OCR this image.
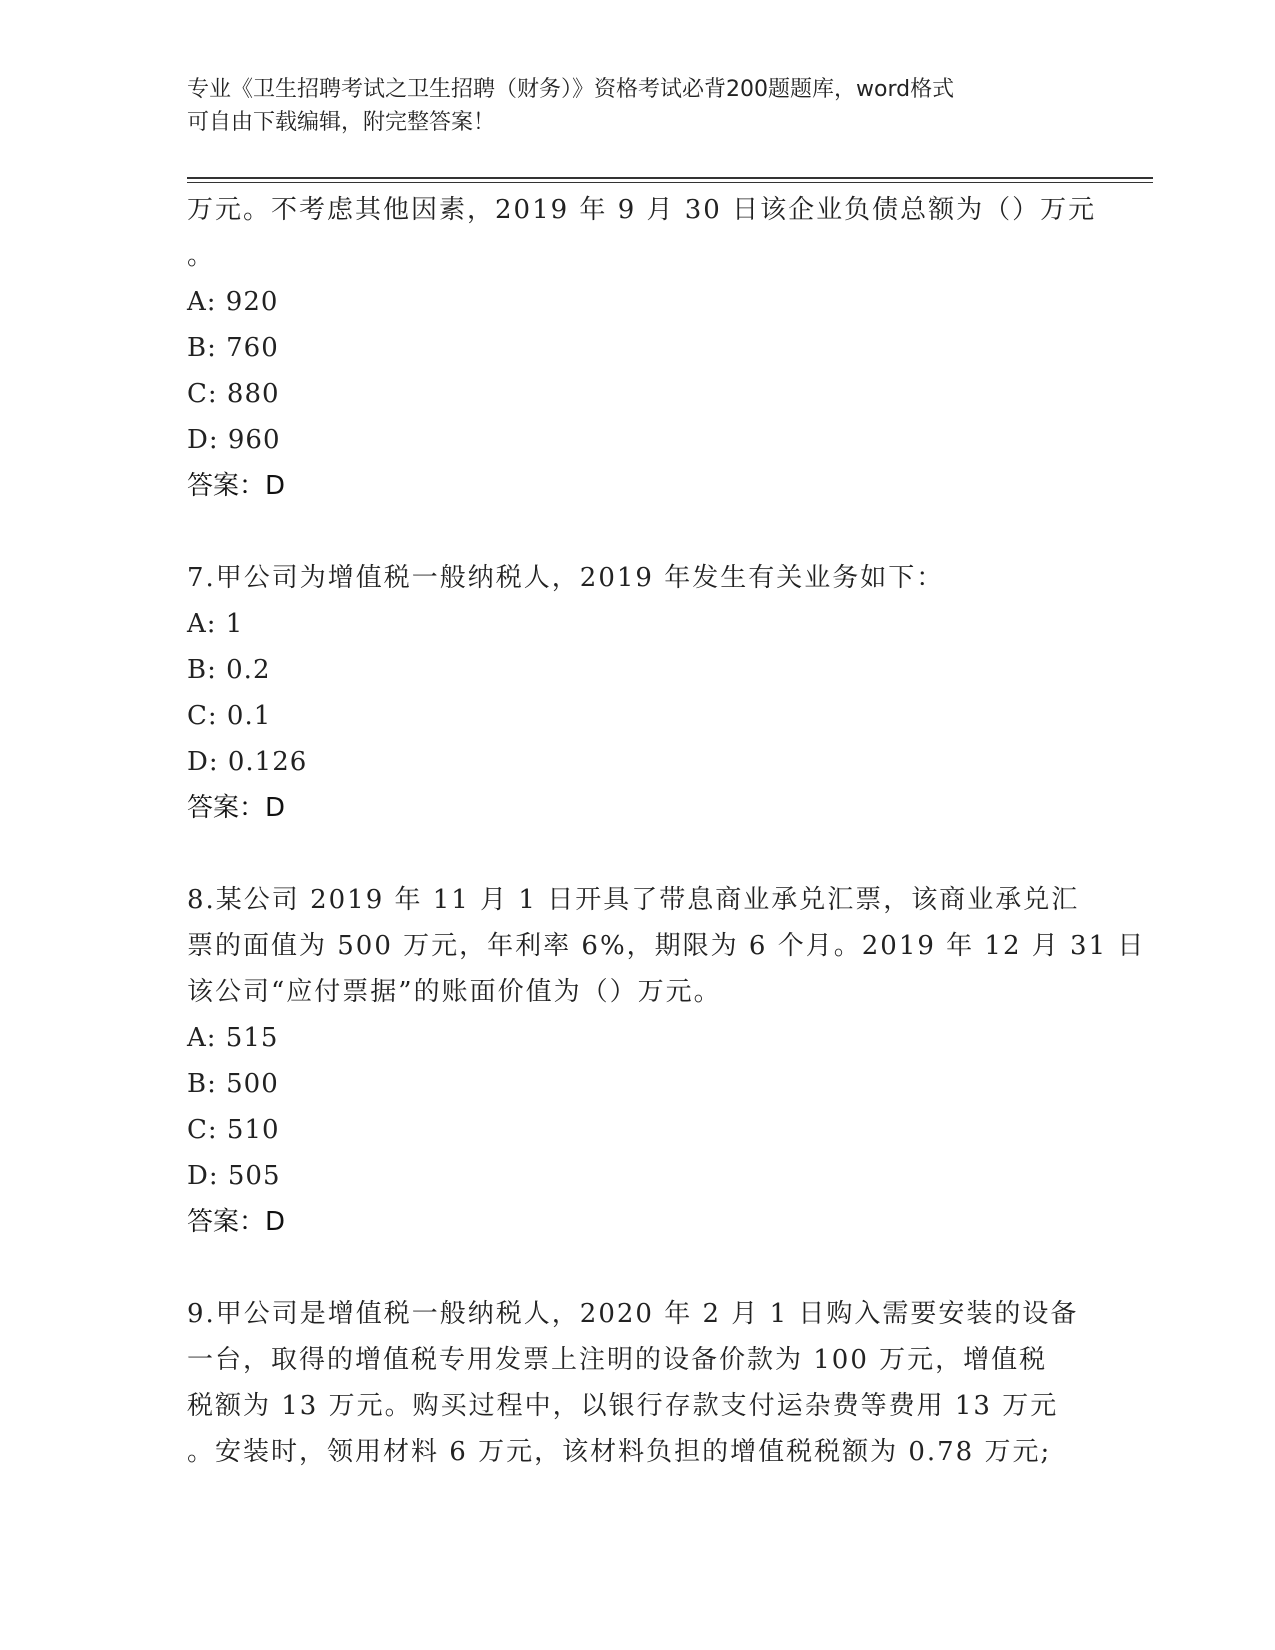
专业《卫生招聘考试之卫生招聘（财务）》资格考试必背200题题库，word格式
可自由下载编辑，附完整答案！
万元。不考虑其他因素，2019 年 9 月 30 日该企业负债总额为（）万元
。
A: 920
B: 760
C: 880
D: 960
答案：D
7.甲公司为增值税一般纳税人，2019 年发生有关业务如下：
A: 1
B: 0.2
C: 0.1
D: 0.126
答案：D
8.某公司 2019 年 11 月 1 日开具了带息商业承兑汇票，该商业承兑汇
票的面值为 500 万元，年利率 6%，期限为 6 个月。2019 年 12 月 31 日
该公司“应付票据”的账面价值为（）万元。
A: 515
B: 500
C: 510
D: 505
答案：D
9.甲公司是增值税一般纳税人，2020 年 2 月 1 日购入需要安装的设备
一台，取得的增值税专用发票上注明的设备价款为 100 万元，增值税
税额为 13 万元。购买过程中，以银行存款支付运杂费等费用 13 万元
。安装时，领用材料 6 万元，该材料负担的增值税税额为 0.78 万元;
